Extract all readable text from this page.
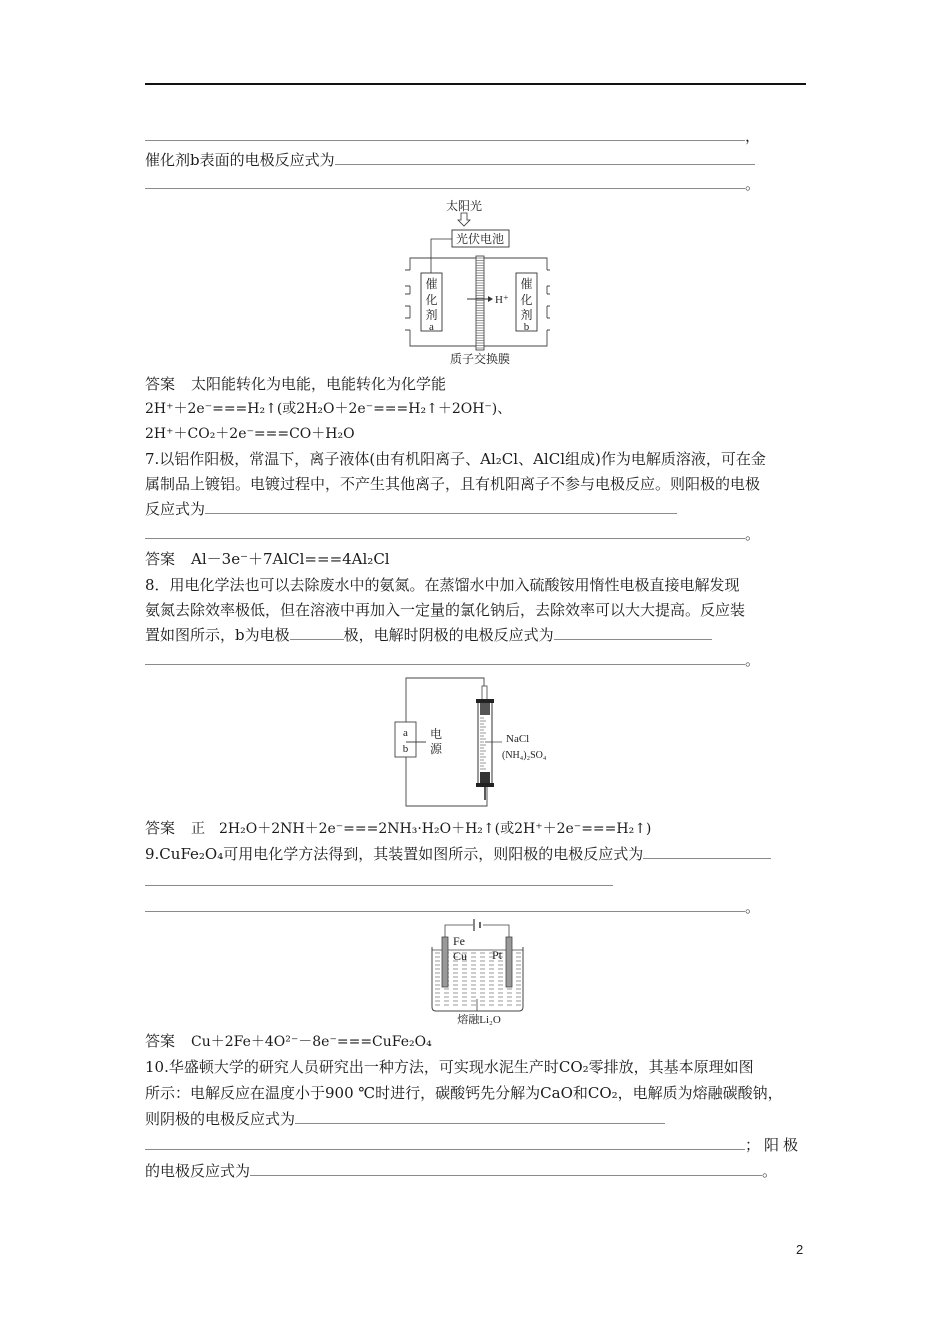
，
催化剂b表面的电极反应式为
。
太阳光
光伏电池
催
化
剂
a
催
化
剂
b
H⁺
质子交换膜
答案 太阳能转化为电能，电能转化为化学能
2H⁺＋2e⁻===H₂↑(或2H₂O＋2e⁻===H₂↑＋2OH⁻)、
2H⁺＋CO₂＋2e⁻===CO＋H₂O
7.以铝作阳极，常温下，离子液体(由有机阳离子、Al₂Cl、AlCl组成)作为电解质溶液，可在金
属制品上镀铝。电镀过程中，不产生其他离子，且有机阳离子不参与电极反应。则阳极的电极
反应式为
。
答案 Al－3e⁻＋7AlCl===4Al₂Cl
8．用电化学法也可以去除废水中的氨氮。在蒸馏水中加入硫酸铵用惰性电极直接电解发现
氨氮去除效率极低，但在溶液中再加入一定量的氯化钠后，去除效率可以大大提高。反应装
置如图所示，b为电极	极，电解时阴极的电极反应式为
。
a
b
电
源
NaCl
(NH₄)₂SO₄
答案 正　2H₂O＋2NH＋2e⁻===2NH₃·H₂O＋H₂↑(或2H⁺＋2e⁻===H₂↑)
9.CuFe₂O₄可用电化学方法得到，其装置如图所示，则阳极的电极反应式为
。
Fe
Cu Pt
熔融Li₂O
答案 Cu＋2Fe＋4O²⁻－8e⁻===CuFe₂O₄
10.华盛顿大学的研究人员研究出一种方法，可实现水泥生产时CO₂零排放，其基本原理如图
所示：电解反应在温度小于900 ℃时进行，碳酸钙先分解为CaO和CO₂，电解质为熔融碳酸钠，
则阴极的电极反应式为
；阳极
的电极反应式为	。
2
